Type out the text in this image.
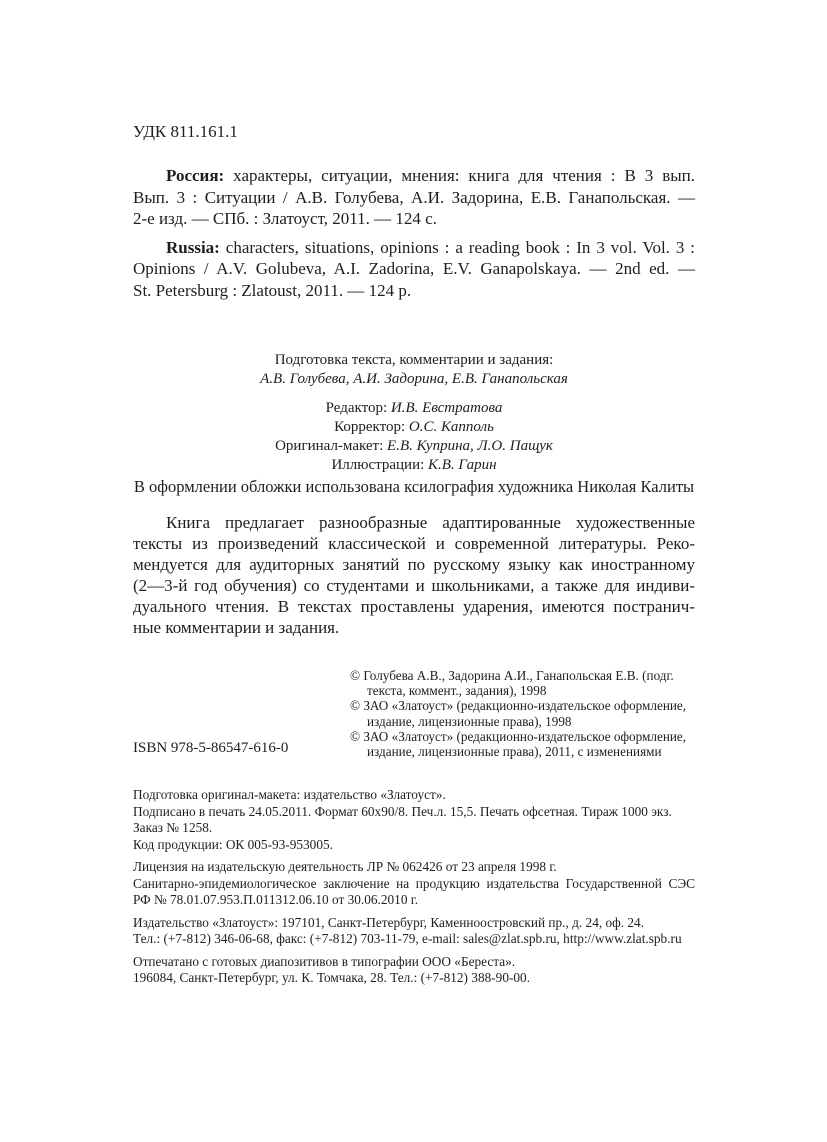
УДК 811.161.1
Россия: характеры, ситуации, мнения: книга для чтения : В 3 вып.
Вып. 3 : Ситуации / А.В. Голубева, А.И. Задорина, Е.В. Ганапольская. —
2-е изд. — СПб. : Златоуст, 2011. — 124 с.
Russia: characters, situations, opinions : a reading book : In 3 vol. Vol. 3 :
Opinions / A.V. Golubeva, A.I. Zadorina, E.V. Ganapolskaya. — 2nd ed. —
St. Petersburg : Zlatoust, 2011. — 124 p.
Подготовка текста, комментарии и задания:
А.В. Голубева, А.И. Задорина, Е.В. Ганапольская
Редактор: И.В. Евстратова
Корректор: О.С. Капполь
Оригинал-макет: Е.В. Куприна, Л.О. Пащук
Иллюстрации: К.В. Гарин
В оформлении обложки использована ксилография художника Николая Калиты
Книга предлагает разнообразные адаптированные художественные
тексты из произведений классической и современной литературы. Реко-
мендуется для аудиторных занятий по русскому языку как иностранному
(2—3-й год обучения) со студентами и школьниками, а также для индиви-
дуального чтения. В текстах проставлены ударения, имеются постранич-
ные комментарии и задания.
ISBN 978-5-86547-616-0
© Голубева А.В., Задорина А.И., Ганапольская Е.В. (подг.
текста, коммент., задания), 1998
© ЗАО «Златоуст» (редакционно-издательское оформление,
издание, лицензионные права), 1998
© ЗАО «Златоуст» (редакционно-издательское оформление,
издание, лицензионные права), 2011, с изменениями
Подготовка оригинал-макета: издательство «Златоуст».
Подписано в печать 24.05.2011. Формат 60х90/8. Печ.л. 15,5. Печать офсетная. Тираж 1000 экз.
Заказ № 1258.
Код продукции: ОК 005-93-953005.
Лицензия на издательскую деятельность ЛР № 062426 от 23 апреля 1998 г.
Санитарно-эпидемиологическое заключение на продукцию издательства Государственной СЭС
РФ № 78.01.07.953.П.011312.06.10 от 30.06.2010 г.
Издательство «Златоуст»: 197101, Санкт-Петербург, Каменноостровский пр., д. 24, оф. 24.
Тел.: (+7-812) 346-06-68, факс: (+7-812) 703-11-79, e-mail: sales@zlat.spb.ru, http://www.zlat.spb.ru
Отпечатано с готовых диапозитивов в типографии ООО «Береста».
196084, Санкт-Петербург, ул. К. Томчака, 28. Тел.: (+7-812) 388-90-00.
